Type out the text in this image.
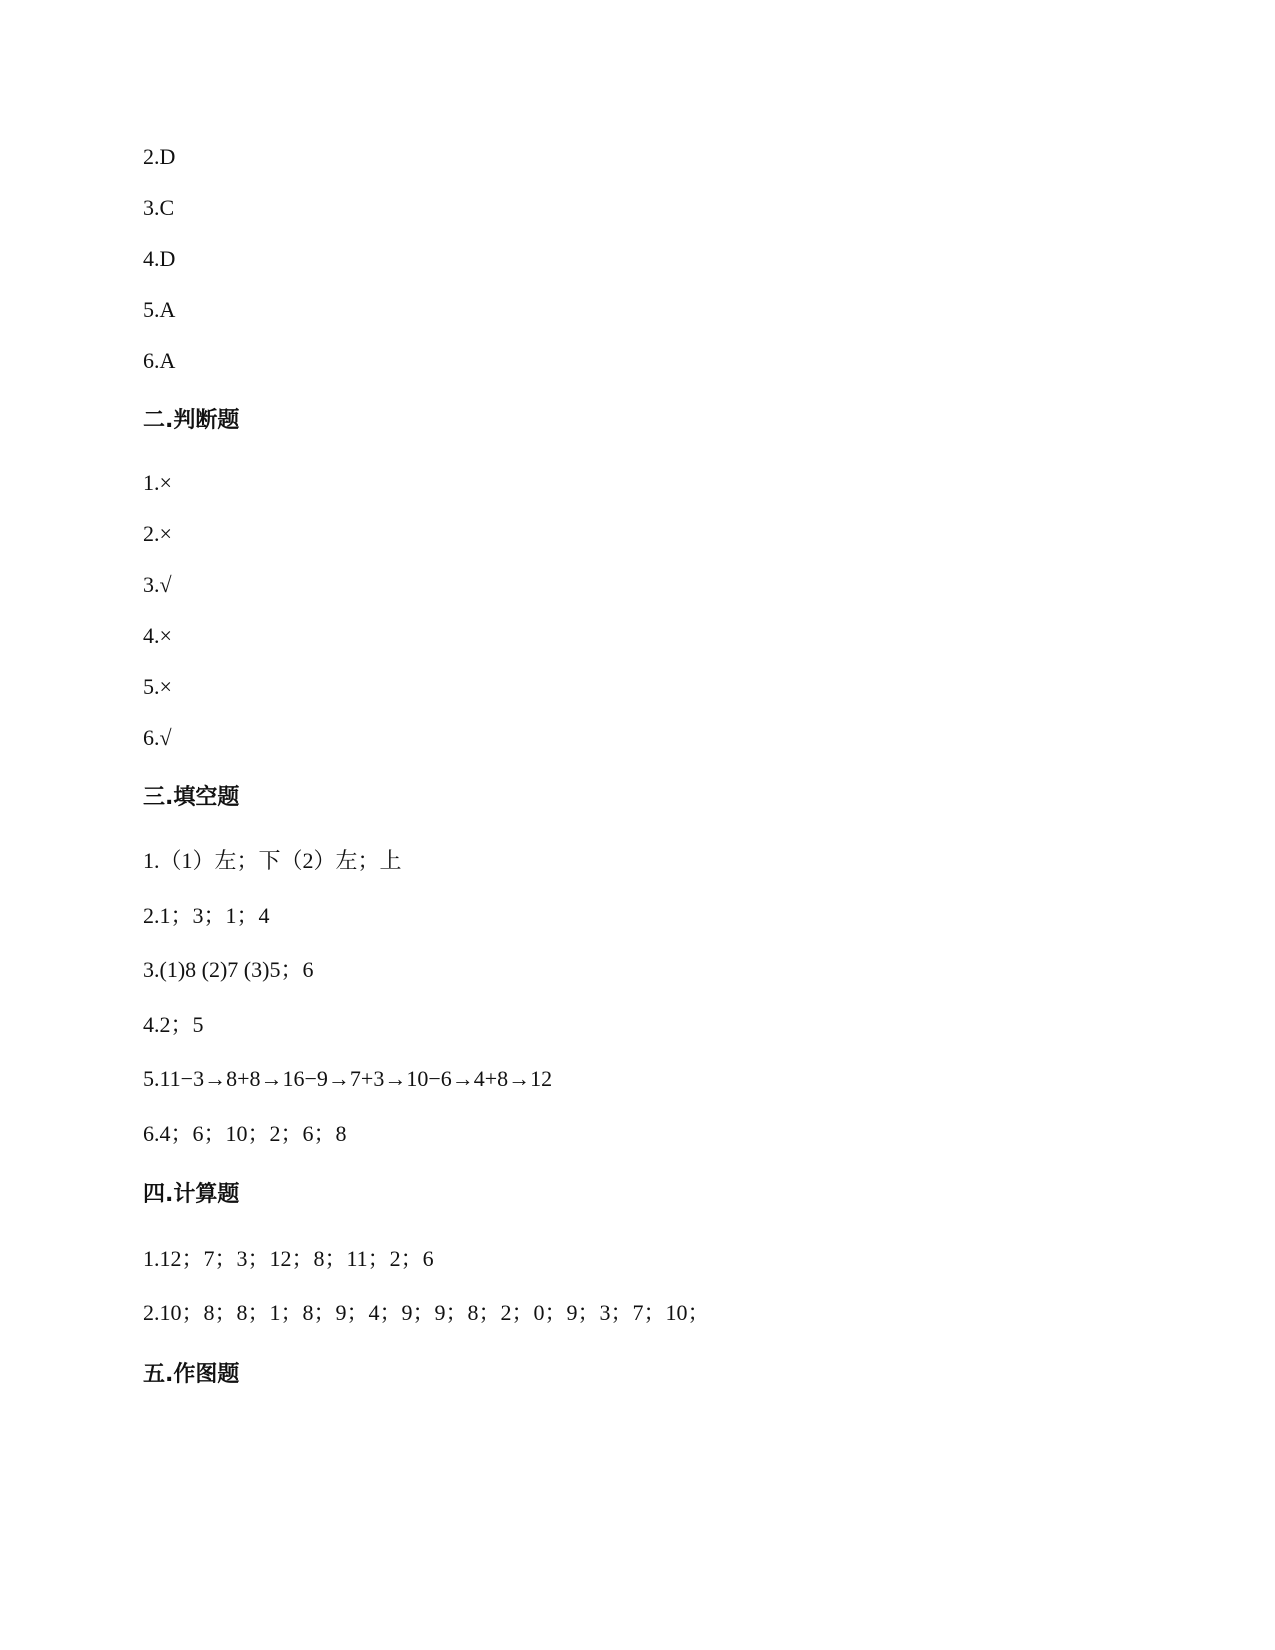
2.D
3.C
4.D
5.A
6.A
二.判断题
1.×
2.×
3.√
4.×
5.×
6.√
三.填空题
1.（1）左；下（2）左；上
2.1；3；1；4
3.(1)8 (2)7 (3)5；6
4.2；5
5.11−3→8+8→16−9→7+3→10−6→4+8→12
6.4；6；10；2；6；8
四.计算题
1.12；7；3；12；8；11；2；6
2.10；8；8；1；8；9；4；9；9；8；2；0；9；3；7；10；
五.作图题
